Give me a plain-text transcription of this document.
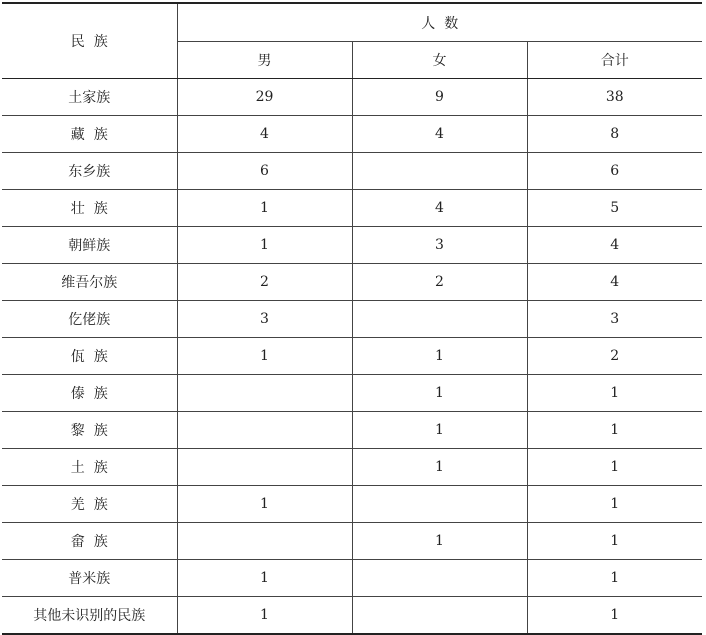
民  族	人  数		
	男	女	合计
土家族	29	9	38
藏  族	4	4	8
东乡族	6		6
壮  族	1	4	5
朝鲜族	1	3	4
维吾尔族	2	2	4
仡佬族	3		3
佤  族	1	1	2
傣  族		1	1
黎  族		1	1
土  族		1	1
羌  族	1		1
畲  族		1	1
普米族	1		1
其他未识别的民族	1		1
